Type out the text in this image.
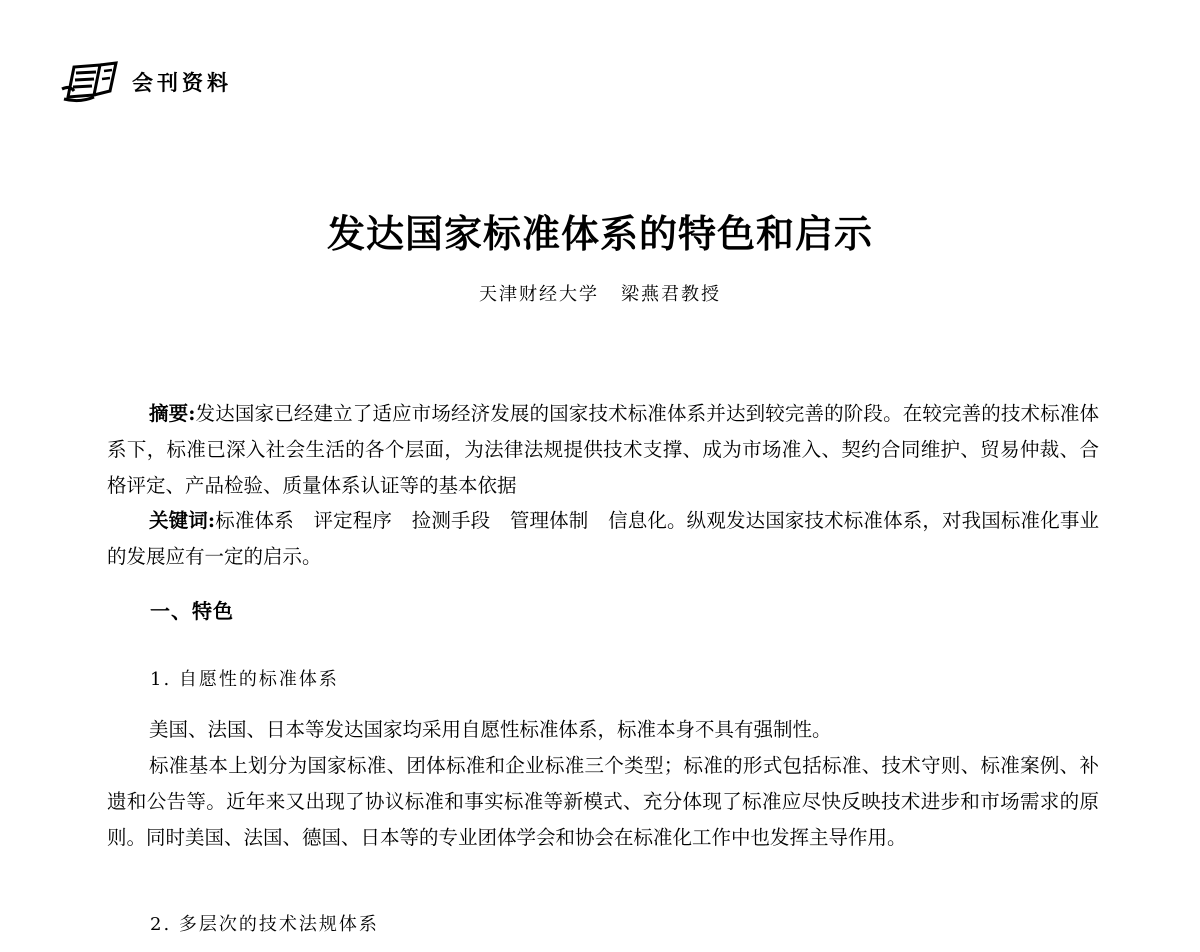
会刊资料
发达国家标准体系的特色和启示
天津财经大学 梁燕君教授
摘要:发达国家已经建立了适应市场经济发展的国家技术标准体系并达到较完善的阶段。在较完善的技术标准体系下，标准已深入社会生活的各个层面，为法律法规提供技术支撑、成为市场准入、契约合同维护、贸易仲裁、合格评定、产品检验、质量体系认证等的基本依据
关键词:标准体系　评定程序　捡测手段　管理体制　信息化。纵观发达国家技术标准体系，对我国标准化事业的发展应有一定的启示。
一、特色
1. 自愿性的标准体系
美国、法国、日本等发达国家均采用自愿性标准体系，标准本身不具有强制性。
标准基本上划分为国家标准、团体标准和企业标准三个类型；标准的形式包括标准、技术守则、标准案例、补遗和公告等。近年来又出现了协议标准和事实标准等新模式、充分体现了标准应尽快反映技术进步和市场需求的原则。同时美国、法国、德国、日本等的专业团体学会和协会在标准化工作中也发挥主导作用。
2. 多层次的技术法规体系
